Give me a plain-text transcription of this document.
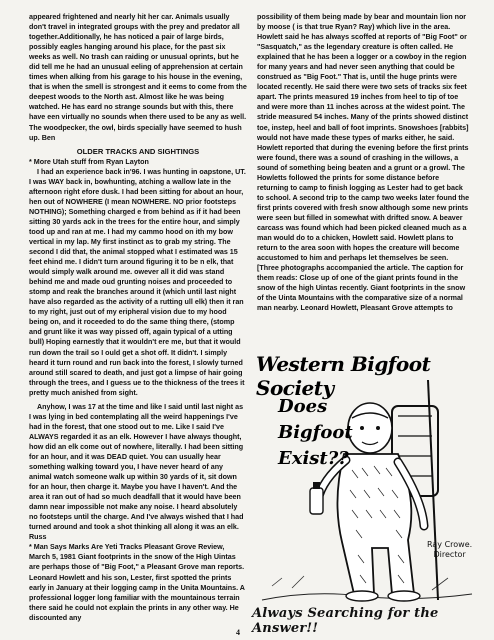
appeared frightened and nearly hit her car. Animals usually don't travel in integrated groups with the prey and predator all together.Additionally, he has noticed a pair of large birds, possibly eagles hanging around his place, for the past six weeks as well. No trash can raiding or unusual oprints, but he did tell me he had an unusual eeling of apprehension at certain times when alking from his garage to his house in the evening, that is when the smell is strongest and it eems to come from the deepest woods to the North ast. Almost like he was being watched. He has eard no strange sounds but with this, there have een virtually no sounds when there used to be any as well. The woodpecker, the owl, birds specially have seemed to hush up. Ben

OLDER TRACKS AND SIGHTINGS

* More Utah stuff from Ryan Layton

I had an experience back in'96. I was hunting in oapstone, UT. I was WAY back in, bowhunting, atching a wallow late in the afternoon right efore dusk. I had been sitting for about an hour, hen out of NOWHERE (I mean NOWHERE. NO prior footsteps NOTHING); Something charged e from behind as if it had been sitting 30 yards ack in the trees for the entire hour, and simply tood up and ran at me. I had my cammo hood on ith my bow vertical in my lap. My first instinct as to grab my string. The second I did that, the animal stopped what I estimated was 15 feet ehind me. I didn't turn around figuring it to be n elk, that would simply walk around me. owever all it did was stand behind me and made oud grunting noises and proceeded to stomp and reak the branches around it (which until last night have also regarded as the activity of a rutting ull elk) then it ran to my right, just out of my eripheral vision due to my hood being on, and it roceeded to do the same thing there, (stomp and grunt like it was way pissed off, again typical of a utting bull) Hoping earnestly that it wouldn't ere me, but that it would run down the trail so I ould get a shot off. It didn't. I simply heard it turn round and run back into the forest, I slowly turned around still scared to death, and just got a limpse of hair going through the trees, and I guess ue to the thickness of the trees it pretty much anished from sight.

Anyhow, I was 17 at the time and like I said until last night as I was lying in bed contemplating all the weird happenings I've had in the forest, that one stood out to me. Like I said I've ALWAYS regarded it as an elk. However I have always thought, how did an elk come out of nowhere, literally. I had been sitting for an hour, and it was DEAD quiet. You can usually hear something walking toward you, I have never heard of any animal watch someone walk up within 30 yards of it, sit down for an hour, then charge it. Maybe you have I haven't. And the area it ran out of had so much deadfall that it would have been damn near impossible not make any noise. I heard absolutely no footsteps until the charge. And I've always wished that I had turned around and took a shot thinking all along it was an elk. Russ

* Man Says Marks Are Yeti Tracks Pleasant Grove Review, March 5, 1981 Giant footprints in the snow of the High Uintas are perhaps those of "Big Foot," a Pleasant Grove man reports. Leonard Howlett and his son, Lester, first spotted the prints early in January at their logging camp in the Unita Mountains. A professional logger long familiar with the mountainous terrain there said he could not explain the prints in any other way. He discounted any

possibility of them being made by bear and mountain lion nor by moose ( is that true Ryan? Ray) which live in the area. Howlett said he has always scoffed at reports of "Big Foot" or "Sasquatch," as the legendary creature is often called. He explained that he has been a logger or a cowboy in the region for many years and had never seen anything that could be construed as "Big Foot." That is, until the huge prints were located recently. He said there were two sets of tracks six feet apart. The prints measured 19 inches from heel to tip of toe and were more than 11 inches across at the widest point. The stride measured 54 inches. Many of the prints showed distinct toe, instep, heel and ball of foot imprints. Snowshoes [rabbits] would not have made these types of marks either, he said. Howlett reported that during the evening before the first prints were found, there was a sound of crashing in the willows, a sound of something being beaten and a grunt or a growl. The Howletts followed the prints for some distance before returning to camp to finish logging as Lester had to get back to school. A second trip to the camp two weeks later found the first prints covered with fresh snow although some new prints were seen but filled in somewhat with drifted snow. A beaver carcass was found which had been picked cleaned much as a man would do to a chicken, Howlett said. Howlett plans to return to the area soon with hopes the creature will become accustomed to him and perhaps let themselves be seen. [Three photographs accompanied the article. The caption for them reads: Close up of one of the giant prints found in the snow of the high Uintas recently. Giant footprints in the snow of the Uinta Mountains with the comparative size of a normal man nearby. Leonard Howlett, Pleasant Grove attempts to

Western Bigfoot Society
Does
Bigfoot
Exist??
Ray Crowe.
Director
Always Searching for the Answer!!
4
